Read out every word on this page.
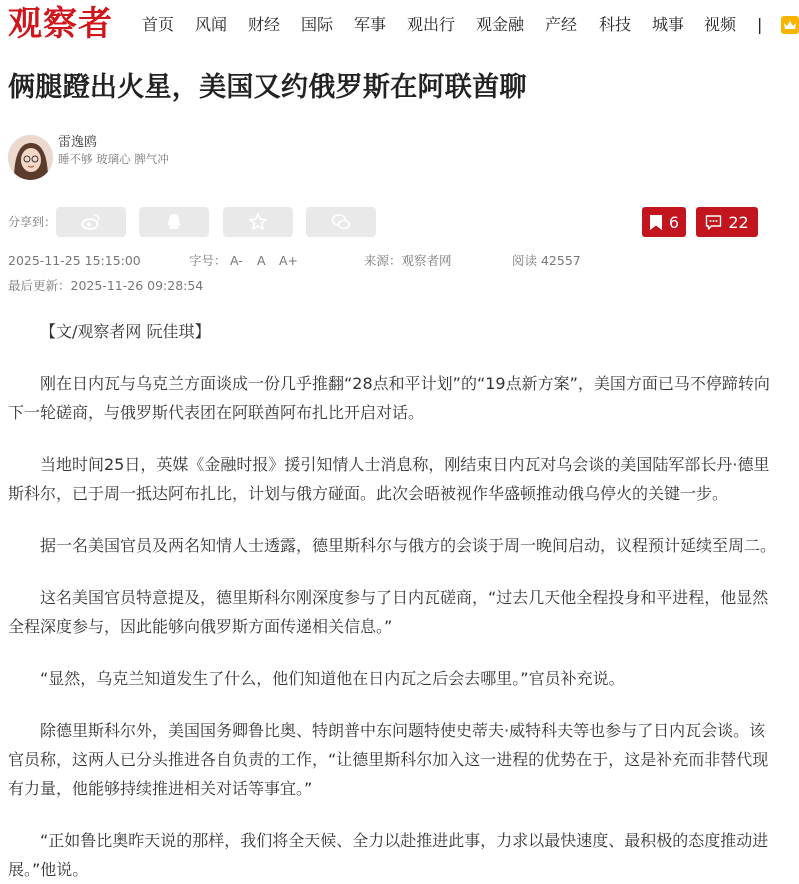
观察者 首页	风闻	财经	国际	军事	观出行	观金融	产经	科技	城事	视频	|
俩腿蹬出火星，美国又约俄罗斯在阿联酋聊
雷逸鸥
睡不够 玻璃心 脾气冲
分享到：	6	22
2025-11-25 15:15:00	字号： A- A A+	来源：观察者网	阅读 42557
最后更新：2025-11-26 09:28:54

【文/观察者网 阮佳琪】

刚在日内瓦与乌克兰方面谈成一份几乎推翻“28点和平计划”的“19点新方案”，美国方面已马不停蹄转向下一轮磋商，与俄罗斯代表团在阿联酋阿布扎比开启对话。

当地时间25日，英媒《金融时报》援引知情人士消息称，刚结束日内瓦对乌会谈的美国陆军部长丹·德里斯科尔，已于周一抵达阿布扎比，计划与俄方碰面。此次会晤被视作华盛顿推动俄乌停火的关键一步。

据一名美国官员及两名知情人士透露，德里斯科尔与俄方的会谈于周一晚间启动，议程预计延续至周二。

这名美国官员特意提及，德里斯科尔刚深度参与了日内瓦磋商，“过去几天他全程投身和平进程，他显然全程深度参与，因此能够向俄罗斯方面传递相关信息。”

“显然，乌克兰知道发生了什么，他们知道他在日内瓦之后会去哪里。”官员补充说。

除德里斯科尔外，美国国务卿鲁比奥、特朗普中东问题特使史蒂夫·威特科夫等也参与了日内瓦会谈。该官员称，这两人已分头推进各自负责的工作，“让德里斯科尔加入这一进程的优势在于，这是补充而非替代现有力量，他能够持续推进相关对话等事宜。”

“正如鲁比奥昨天说的那样，我们将全天候、全力以赴推进此事，力求以最快速度、最积极的态度推动进展。”他说。
